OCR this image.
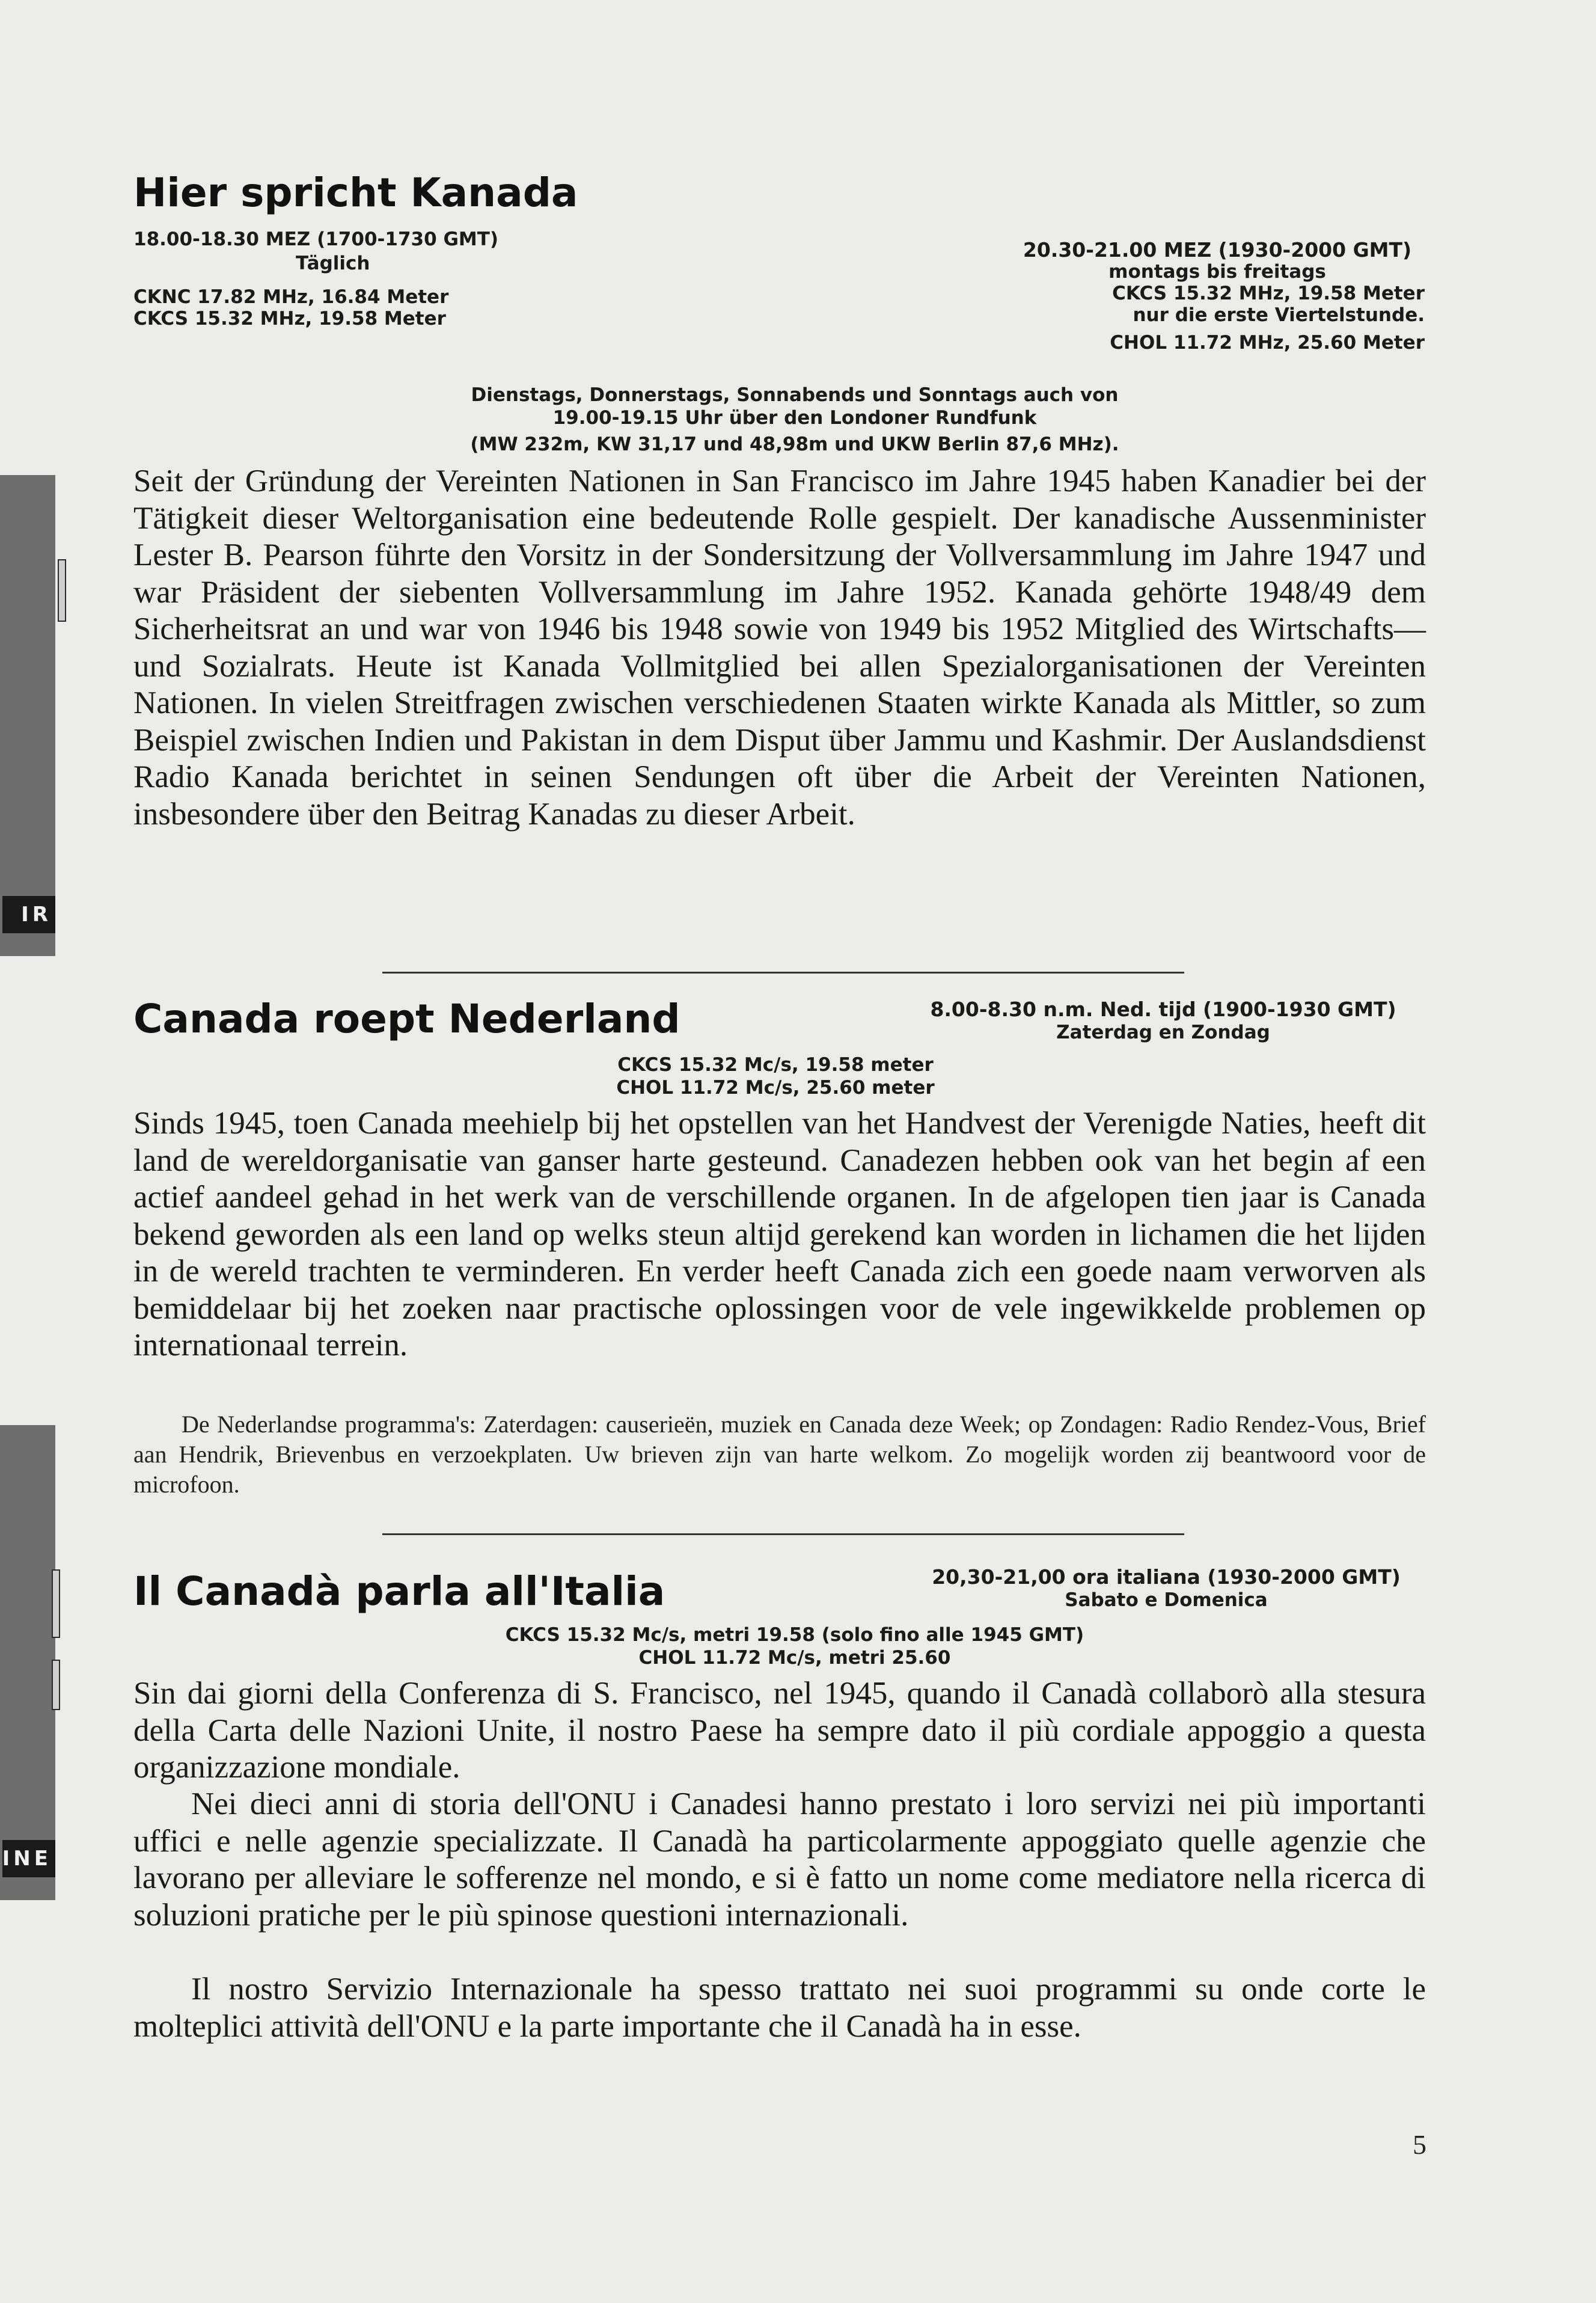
IR
INE
Hier spricht Kanada
18.00-18.30 MEZ (1700-1730 GMT)
Täglich
CKNC 17.82 MHz, 16.84 Meter
CKCS 15.32 MHz, 19.58 Meter
20.30-21.00 MEZ (1930-2000 GMT)
montags bis freitags
CKCS 15.32 MHz, 19.58 Meter
nur die erste Viertelstunde.
CHOL 11.72 MHz, 25.60 Meter
Dienstags, Donnerstags, Sonnabends und Sonntags auch von
19.00-19.15 Uhr über den Londoner Rundfunk
(MW 232m, KW 31,17 und 48,98m und UKW Berlin 87,6 MHz).

Seit der Gründung der Vereinten Nationen in San Francisco im Jahre 1945 haben Kanadier bei der Tätigkeit dieser Weltorganisation eine bedeutende Rolle gespielt. Der kanadische Aussenminister Lester B. Pearson führte den Vorsitz in der Sondersitzung der Vollversammlung im Jahre 1947 und war Präsident der siebenten Vollversammlung im Jahre 1952. Kanada gehörte 1948/49 dem Sicherheitsrat an und war von 1946 bis 1948 sowie von 1949 bis 1952 Mitglied des Wirtschafts—und Sozialrats. Heute ist Kanada Vollmitglied bei allen Spezialorganisationen der Vereinten Nationen. In vielen Streitfragen zwischen verschiedenen Staaten wirkte Kanada als Mittler, so zum Beispiel zwischen Indien und Pakistan in dem Disput über Jammu und Kashmir. Der Auslandsdienst Radio Kanada berichtet in seinen Sendungen oft über die Arbeit der Vereinten Nationen, insbesondere über den Beitrag Kanadas zu dieser Arbeit.

Canada roept Nederland	8.00-8.30 n.m. Ned. tijd (1900-1930 GMT)
Zaterdag en Zondag
CKCS 15.32 Mc/s, 19.58 meter
CHOL 11.72 Mc/s, 25.60 meter

Sinds 1945, toen Canada meehielp bij het opstellen van het Handvest der Verenigde Naties, heeft dit land de wereldorganisatie van ganser harte gesteund. Canadezen hebben ook van het begin af een actief aandeel gehad in het werk van de verschillende organen. In de afgelopen tien jaar is Canada bekend geworden als een land op welks steun altijd gerekend kan worden in lichamen die het lijden in de wereld trachten te verminderen. En verder heeft Canada zich een goede naam verworven als bemiddelaar bij het zoeken naar practische oplossingen voor de vele ingewikkelde problemen op internationaal terrein.

De Nederlandse programma's: Zaterdagen: causerieën, muziek en Canada deze Week; op Zondagen: Radio Rendez-Vous, Brief aan Hendrik, Brievenbus en verzoekplaten. Uw brieven zijn van harte welkom. Zo mogelijk worden zij beantwoord voor de microfoon.

Il Canadà parla all'Italia	20,30-21,00 ora italiana (1930-2000 GMT)
Sabato e Domenica
CKCS 15.32 Mc/s, metri 19.58 (solo fino alle 1945 GMT)
CHOL 11.72 Mc/s, metri 25.60

Sin dai giorni della Conferenza di S. Francisco, nel 1945, quando il Canadà collaborò alla stesura della Carta delle Nazioni Unite, il nostro Paese ha sempre dato il più cordiale appoggio a questa organizzazione mondiale.

Nei dieci anni di storia dell'ONU i Canadesi hanno prestato i loro servizi nei più importanti uffici e nelle agenzie specializzate. Il Canadà ha particolarmente appoggiato quelle agenzie che lavorano per alleviare le sofferenze nel mondo, e si è fatto un nome come mediatore nella ricerca di soluzioni pratiche per le più spinose questioni internazionali.

Il nostro Servizio Internazionale ha spesso trattato nei suoi programmi su onde corte le molteplici attività dell'ONU e la parte importante che il Canadà ha in esse.

5
